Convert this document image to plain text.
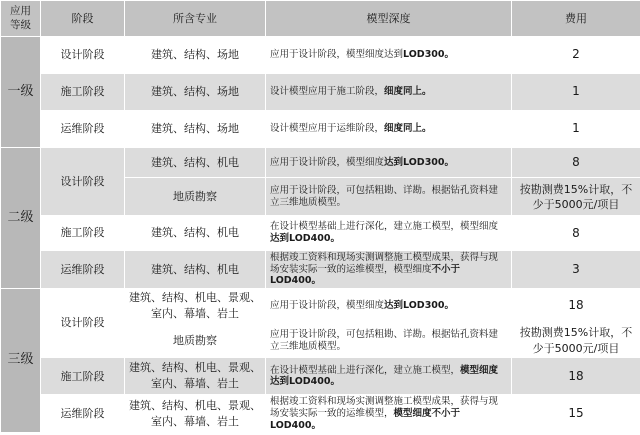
应用等级	阶段	所含专业	模型深度	费用
一级	设计阶段	建筑、结构、场地	应用于设计阶段，模型细度达到LOD300。	2
	施工阶段	建筑、结构、场地	设计模型应用于施工阶段，细度同上。	1
	运维阶段	建筑、结构、场地	设计模型应用于运维阶段，细度同上。	1
二级	设计阶段	建筑、结构、机电	应用于设计阶段，模型细度达到LOD300。	8
		地质勘察	应用于设计阶段，可包括粗勘、详勘。根据钻孔资料建立三维地质模型。	按勘测费15%计取，不少于5000元/项目
	施工阶段	建筑、结构、机电	在设计模型基础上进行深化，建立施工模型，模型细度达到LOD400。	8
	运维阶段	建筑、结构、机电	根据竣工资料和现场实测调整施工模型成果，获得与现场安装实际一致的运维模型，模型细度不小于LOD400。	3
三级	设计阶段	建筑、结构、机电、景观、
室内、幕墙、岩土	应用于设计阶段，模型细度达到LOD300。	18
		地质勘察	应用于设计阶段，可包括粗勘、详勘。根据钻孔资料建立三维地质模型。	按勘测费15%计取，不少于5000元/项目
	施工阶段	建筑、结构、机电、景观、
室内、幕墙、岩土	在设计模型基础上进行深化，建立施工模型，模型细度达到LOD400。	18
	运维阶段	建筑、结构、机电、景观、
室内、幕墙、岩土	根据竣工资料和现场实测调整施工模型成果，获得与现场安装实际一致的运维模型，模型细度不小于LOD400。	15
